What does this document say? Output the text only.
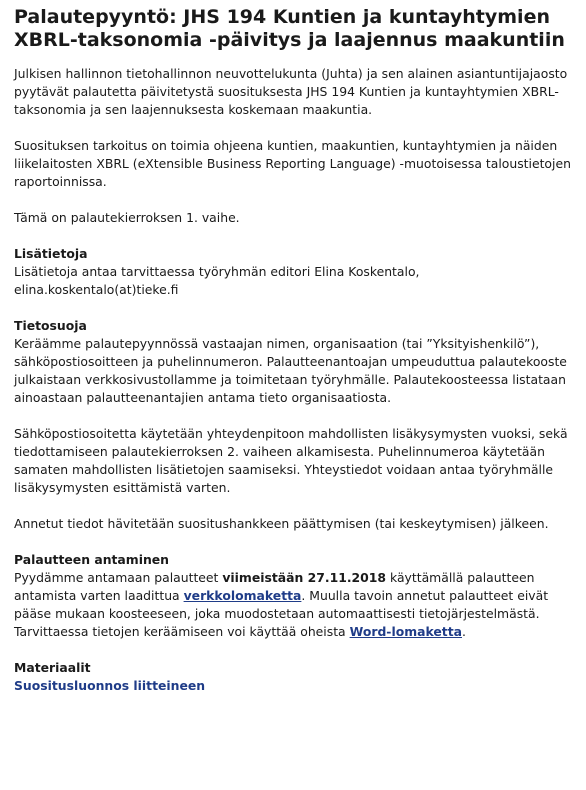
Palautepyyntö: JHS 194 Kuntien ja kuntayhtymien XBRL-taksonomia -päivitys ja laajennus maakuntiin

Julkisen hallinnon tietohallinnon neuvottelukunta (Juhta) ja sen alainen asiantuntijajaosto pyytävät palautetta päivitetystä suosituksesta JHS 194 Kuntien ja kuntayhtymien XBRL-taksonomia ja sen laajennuksesta koskemaan maakuntia.

Suosituksen tarkoitus on toimia ohjeena kuntien, maakuntien, kuntayhtymien ja näiden liikelaitosten XBRL (eXtensible Business Reporting Language) -muotoisessa taloustietojen raportoinnissa.

Tämä on palautekierroksen 1. vaihe.

Lisätietoja

Lisätietoja antaa tarvittaessa työryhmän editori Elina Koskentalo, elina.koskentalo(at)tieke.fi

Tietosuoja

Keräämme palautepyynnössä vastaajan nimen, organisaation (tai ”Yksityishenkilö”), sähköpostiosoitteen ja puhelinnumeron. Palautteenantoajan umpeuduttua palautekooste julkaistaan verkkosivustollamme ja toimitetaan työryhmälle. Palautekoosteessa listataan ainoastaan palautteenantajien antama tieto organisaatiosta.

Sähköpostiosoitetta käytetään yhteydenpitoon mahdollisten lisäkysymysten vuoksi, sekä tiedottamiseen palautekierroksen 2. vaiheen alkamisesta. Puhelinnumeroa käytetään samaten mahdollisten lisätietojen saamiseksi. Yhteystiedot voidaan antaa työryhmälle lisäkysymysten esittämistä varten.

Annetut tiedot hävitetään suositushankkeen päättymisen (tai keskeytymisen) jälkeen.

Palautteen antaminen

Pyydämme antamaan palautteet viimeistään 27.11.2018 käyttämällä palautteen antamista varten laadittua verkkolomaketta. Muulla tavoin annetut palautteet eivät pääse mukaan koosteeseen, joka muodostetaan automaattisesti tietojärjestelmästä. Tarvittaessa tietojen keräämiseen voi käyttää oheista Word-lomaketta.

Materiaalit

Suositusluonnos liitteineen
